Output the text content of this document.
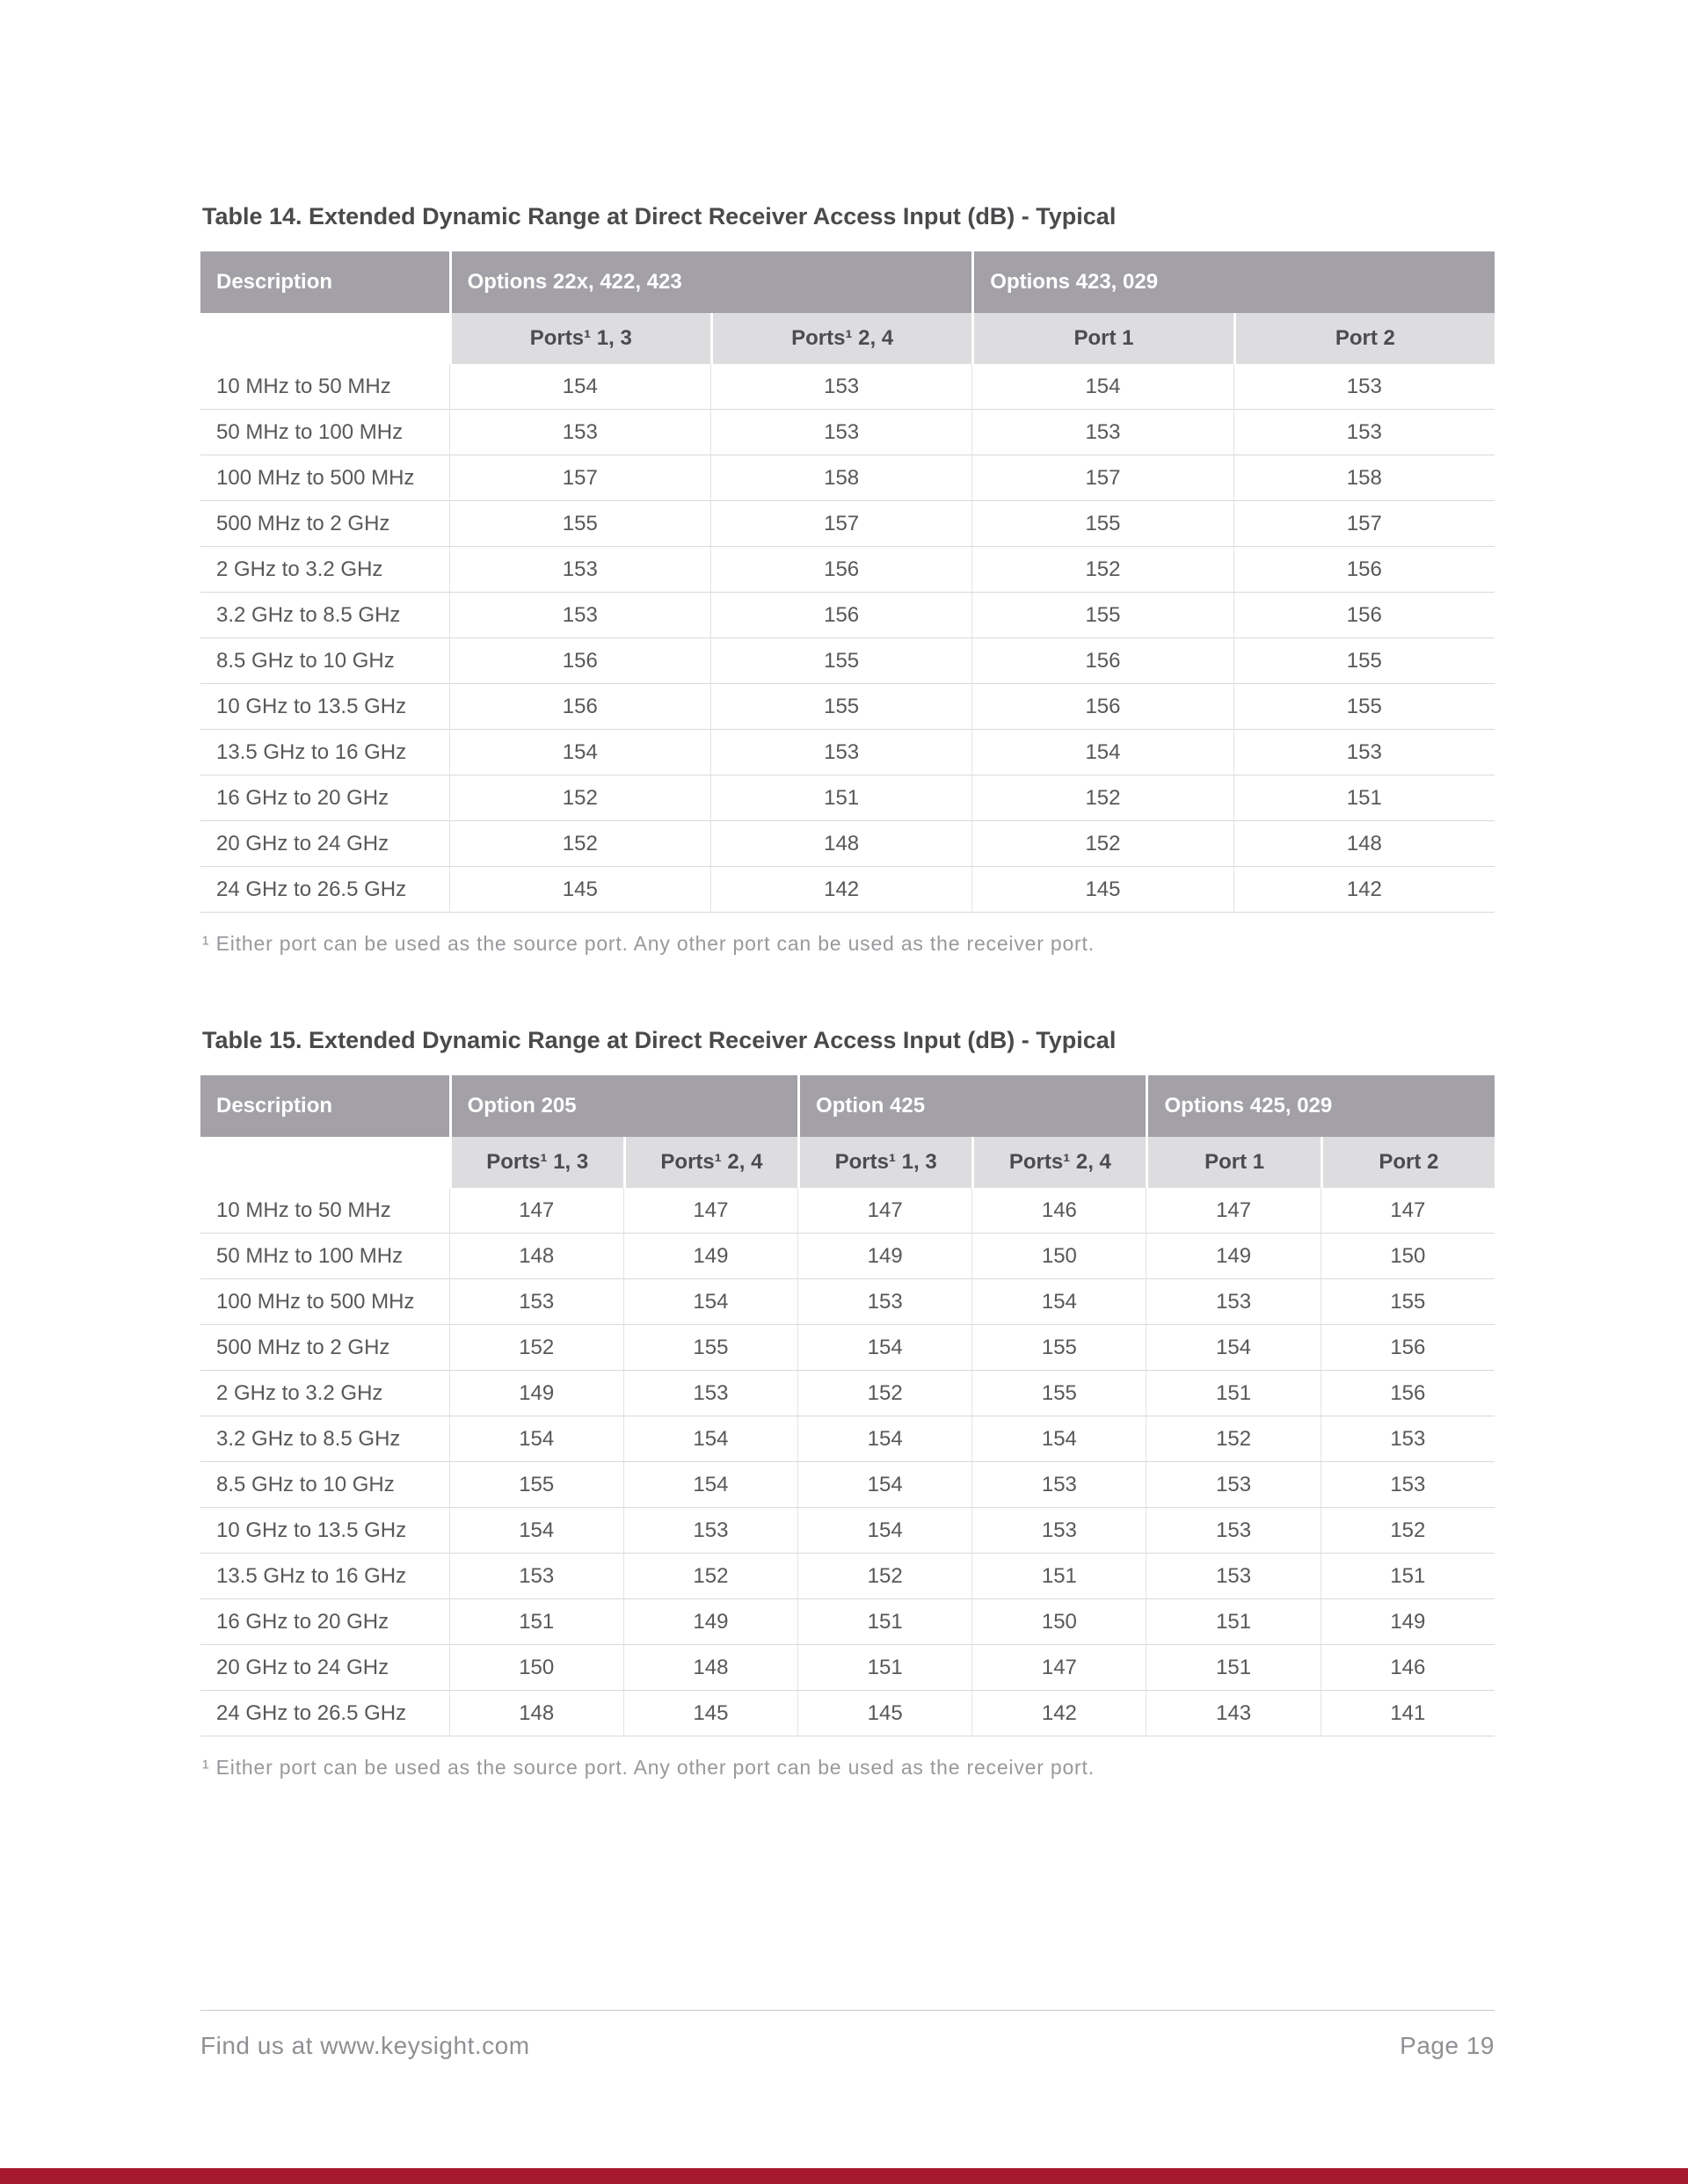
Table 14. Extended Dynamic Range at Direct Receiver Access Input (dB) - Typical
Description	Options 22x, 422, 423		Options 423, 029	
	Ports¹ 1, 3	Ports¹ 2, 4	Port 1	Port 2
10 MHz to 50 MHz	154	153	154	153
50 MHz to 100 MHz	153	153	153	153
100 MHz to 500 MHz	157	158	157	158
500 MHz to 2 GHz	155	157	155	157
2 GHz to 3.2 GHz	153	156	152	156
3.2 GHz to 8.5 GHz	153	156	155	156
8.5 GHz to 10 GHz	156	155	156	155
10 GHz to 13.5 GHz	156	155	156	155
13.5 GHz to 16 GHz	154	153	154	153
16 GHz to 20 GHz	152	151	152	151
20 GHz to 24 GHz	152	148	152	148
24 GHz to 26.5 GHz	145	142	145	142

¹ Either port can be used as the source port. Any other port can be used as the receiver port.

Table 15. Extended Dynamic Range at Direct Receiver Access Input (dB) - Typical
Description	Option 205		Option 425		Options 425, 029	
	Ports¹ 1, 3	Ports¹ 2, 4	Ports¹ 1, 3	Ports¹ 2, 4	Port 1	Port 2
10 MHz to 50 MHz	147	147	147	146	147	147
50 MHz to 100 MHz	148	149	149	150	149	150
100 MHz to 500 MHz	153	154	153	154	153	155
500 MHz to 2 GHz	152	155	154	155	154	156
2 GHz to 3.2 GHz	149	153	152	155	151	156
3.2 GHz to 8.5 GHz	154	154	154	154	152	153
8.5 GHz to 10 GHz	155	154	154	153	153	153
10 GHz to 13.5 GHz	154	153	154	153	153	152
13.5 GHz to 16 GHz	153	152	152	151	153	151
16 GHz to 20 GHz	151	149	151	150	151	149
20 GHz to 24 GHz	150	148	151	147	151	146
24 GHz to 26.5 GHz	148	145	145	142	143	141

¹ Either port can be used as the source port. Any other port can be used as the receiver port.

Find us at www.keysight.com	Page 19
